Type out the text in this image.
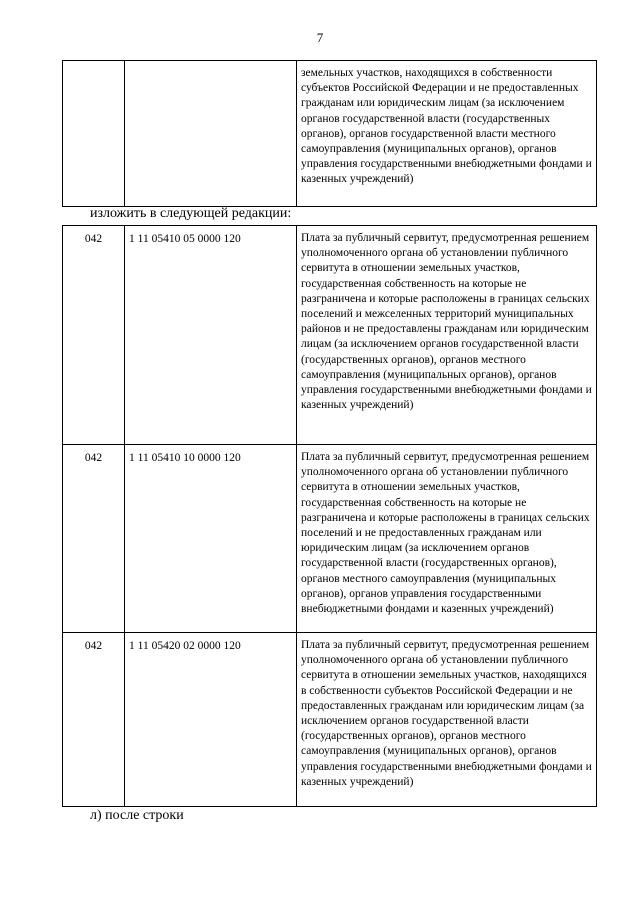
7
		земельных участков, находящихся в собственности субъектов Российской Федерации и не предоставленных гражданам или юридическим лицам (за исключением органов государственной власти (государственных органов), органов государственной власти местного самоуправления (муниципальных органов), органов управления государственными внебюджетными фондами и казенных учреждений)
изложить в следующей редакции:
042	1 11 05410 05 0000 120	Плата за публичный сервитут, предусмотренная решением уполномоченного органа об установлении публичного сервитута в отношении земельных участков, государственная собственность на которые не разграничена и которые расположены в границах сельских поселений и межселенных территорий муниципальных районов и не предоставлены гражданам или юридическим лицам (за исключением органов государственной власти (государственных органов), органов местного самоуправления (муниципальных органов), органов управления государственными внебюджетными фондами и казенных учреждений)
042	1 11 05410 10 0000 120	Плата за публичный сервитут, предусмотренная решением уполномоченного органа об установлении публичного сервитута в отношении земельных участков, государственная собственность на которые не разграничена и которые расположены в границах сельских поселений и не предоставленных гражданам или юридическим лицам (за исключением органов государственной власти (государственных органов), органов местного самоуправления (муниципальных органов), органов управления государственными внебюджетными фондами и казенных учреждений)
042	1 11 05420 02 0000 120	Плата за публичный сервитут, предусмотренная решением уполномоченного органа об установлении публичного сервитута в отношении земельных участков, находящихся в собственности субъектов Российской Федерации и не предоставленных гражданам или юридическим лицам (за исключением органов государственной власти (государственных органов), органов местного самоуправления (муниципальных органов), органов управления государственными внебюджетными фондами и казенных учреждений)
л) после строки
